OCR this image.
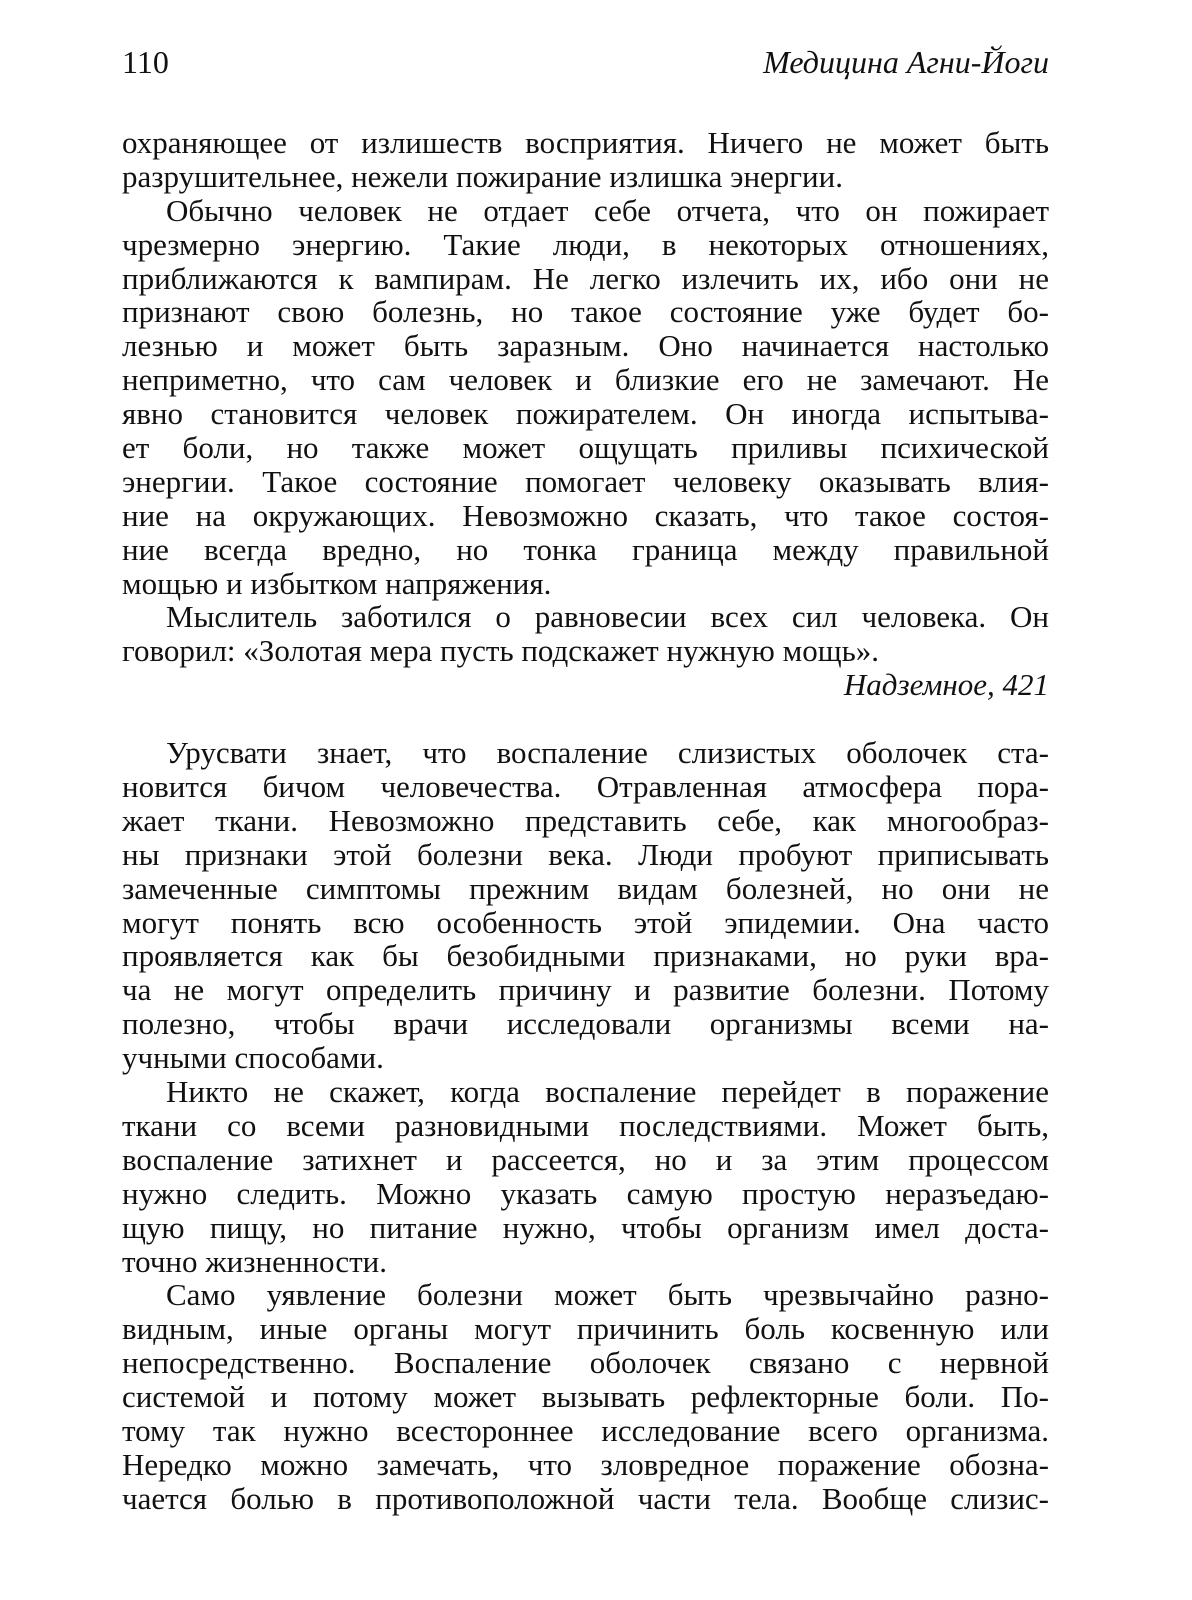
110	Медицина Агни-Йоги
охраняющее от излишеств восприятия. Ничего не может быть
разрушительнее, нежели пожирание излишка энергии.
Обычно человек не отдает себе отчета, что он пожирает
чрезмерно энергию. Такие люди, в некоторых отношениях,
приближаются к вампирам. Не легко излечить их, ибо они не
признают свою болезнь, но такое состояние уже будет бо-
лезнью и может быть заразным. Оно начинается настолько
неприметно, что сам человек и близкие его не замечают. Не
явно становится человек пожирателем. Он иногда испытыва-
ет боли, но также может ощущать приливы психической
энергии. Такое состояние помогает человеку оказывать влия-
ние на окружающих. Невозможно сказать, что такое состоя-
ние всегда вредно, но тонка граница между правильной
мощью и избытком напряжения.
Мыслитель заботился о равновесии всех сил человека. Он
говорил: «Золотая мера пусть подскажет нужную мощь».
Надземное, 421
Урусвати знает, что воспаление слизистых оболочек ста-
новится бичом человечества. Отравленная атмосфера пора-
жает ткани. Невозможно представить себе, как многообраз-
ны признаки этой болезни века. Люди пробуют приписывать
замеченные симптомы прежним видам болезней, но они не
могут понять всю особенность этой эпидемии. Она часто
проявляется как бы безобидными признаками, но руки вра-
ча не могут определить причину и развитие болезни. Потому
полезно, чтобы врачи исследовали организмы всеми на-
учными способами.
Никто не скажет, когда воспаление перейдет в поражение
ткани со всеми разновидными последствиями. Может быть,
воспаление затихнет и рассеется, но и за этим процессом
нужно следить. Можно указать самую простую неразъедаю-
щую пищу, но питание нужно, чтобы организм имел доста-
точно жизненности.
Само уявление болезни может быть чрезвычайно разно-
видным, иные органы могут причинить боль косвенную или
непосредственно. Воспаление оболочек связано с нервной
системой и потому может вызывать рефлекторные боли. По-
тому так нужно всестороннее исследование всего организма.
Нередко можно замечать, что зловредное поражение обозна-
чается болью в противоположной части тела. Вообще слизис-
